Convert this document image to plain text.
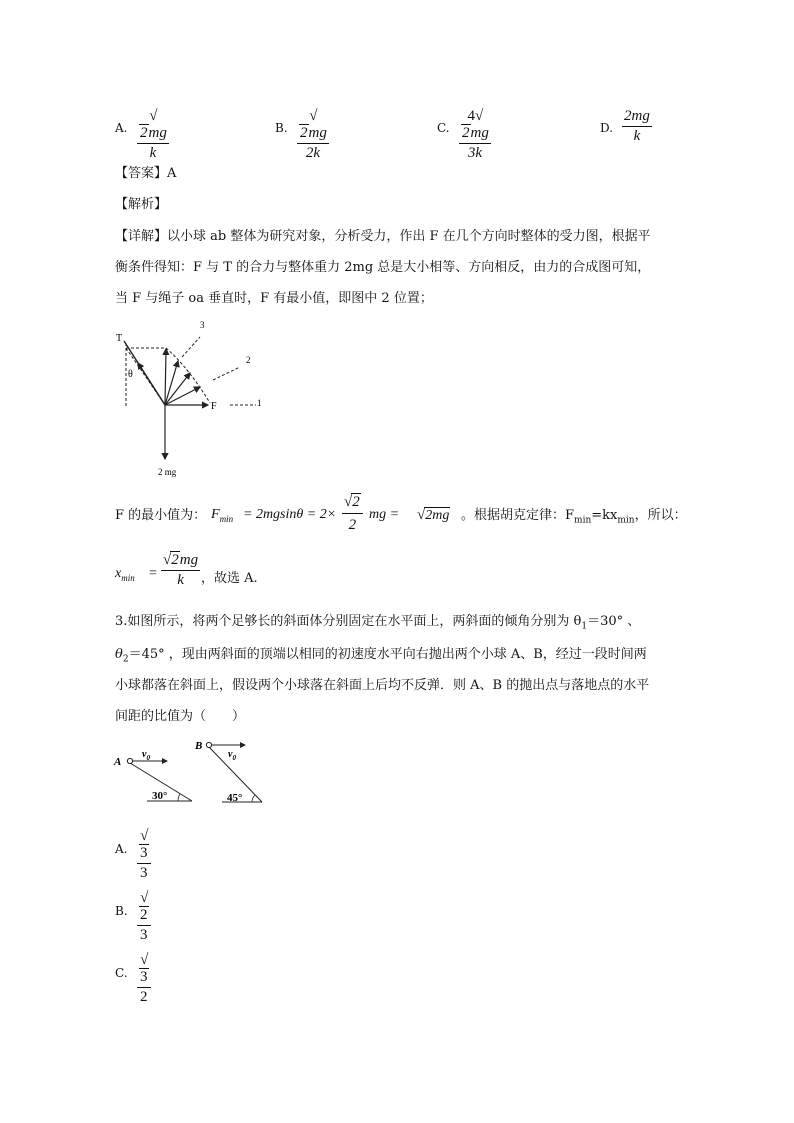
A. $\frac{√2mg}{k}$	B. $\frac{√2mg}{2k}$	C. $\frac{4√2mg}{3k}$	D. $\frac{2mg}{k}$
【答案】A
【解析】
【详解】以小球 ab 整体为研究对象，分析受力，作出 F 在几个方向时整体的受力图，根据平
衡条件得知：F 与 T 的合力与整体重力 2mg 总是大小相等、方向相反，由力的合成图可知，
当 F 与绳子 oa 垂直时，F 有最小值，即图中 2 位置；
T
θ
3
2
F	1
2 mg
F 的最小值为： $F_{min} = 2mgsin\theta = 2\times \frac{√2}{2}$ mg = √2mg 。根据胡克定律：$F_{min}=kx_{min}$，所以：
$x_{min} = \frac{√2mg}{k}$ ，故选 A.
3.如图所示，将两个足够长的斜面体分别固定在水平面上，两斜面的倾角分别为 $\theta_1=30^\circ$ 、
$\theta_2=45^\circ$ ，现由两斜面的顶端以相同的初速度水平向右抛出两个小球 A、B，经过一段时间两
小球都落在斜面上，假设两个小球落在斜面上后均不反弹．则 A、B 的抛出点与落地点的水平
间距的比值为（　　）
A
$v_0$
30°
B
$v_0$
45°
A. $\frac{√3}{3}$
B. $\frac{√2}{3}$
C. $\frac{√3}{2}$
